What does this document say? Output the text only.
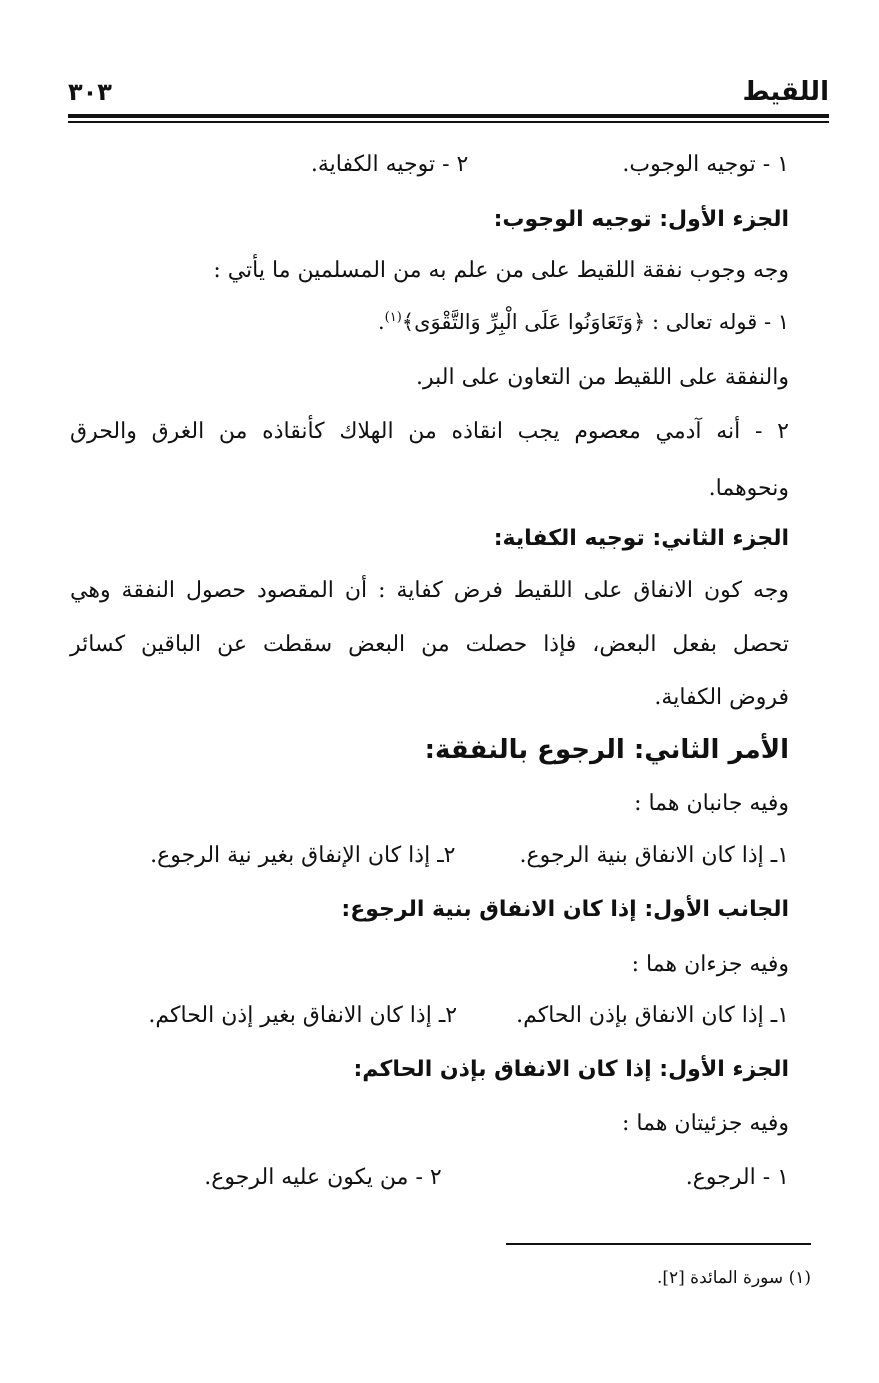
اللقيط
٣٠٣
١ - توجيه الوجوب.  ٢ - توجيه الكفاية.
الجزء الأول: توجيه الوجوب:
وجه وجوب نفقة اللقيط على من علم به من المسلمين ما يأتي :
١ - قوله تعالى : ﴿وَتَعَاوَنُوا عَلَى الْبِرِّ وَالتَّقْوَى﴾$^{(١)}$.
والنفقة على اللقيط من التعاون على البر.
٢ - أنه آدمي معصوم يجب انقاذه من الهلاك كأنقاذه من الغرق والحرق
ونحوهما.
الجزء الثاني: توجيه الكفاية:
وجه كون الانفاق على اللقيط فرض كفاية : أن المقصود حصول النفقة وهي
تحصل بفعل البعض، فإذا حصلت من البعض سقطت عن الباقين كسائر
فروض الكفاية.
الأمر الثاني: الرجوع بالنفقة:
وفيه جانبان هما :
١ـ إذا كان الانفاق بنية الرجوع.  ٢ـ إذا كان الإنفاق بغير نية الرجوع.
الجانب الأول: إذا كان الانفاق بنية الرجوع:
وفيه جزءان هما :
١ـ إذا كان الانفاق بإذن الحاكم.  ٢ـ إذا كان الانفاق بغير إذن الحاكم.
الجزء الأول: إذا كان الانفاق بإذن الحاكم:
وفيه جزئيتان هما :
١ - الرجوع.  ٢ - من يكون عليه الرجوع.
(١) سورة المائدة [٢].
